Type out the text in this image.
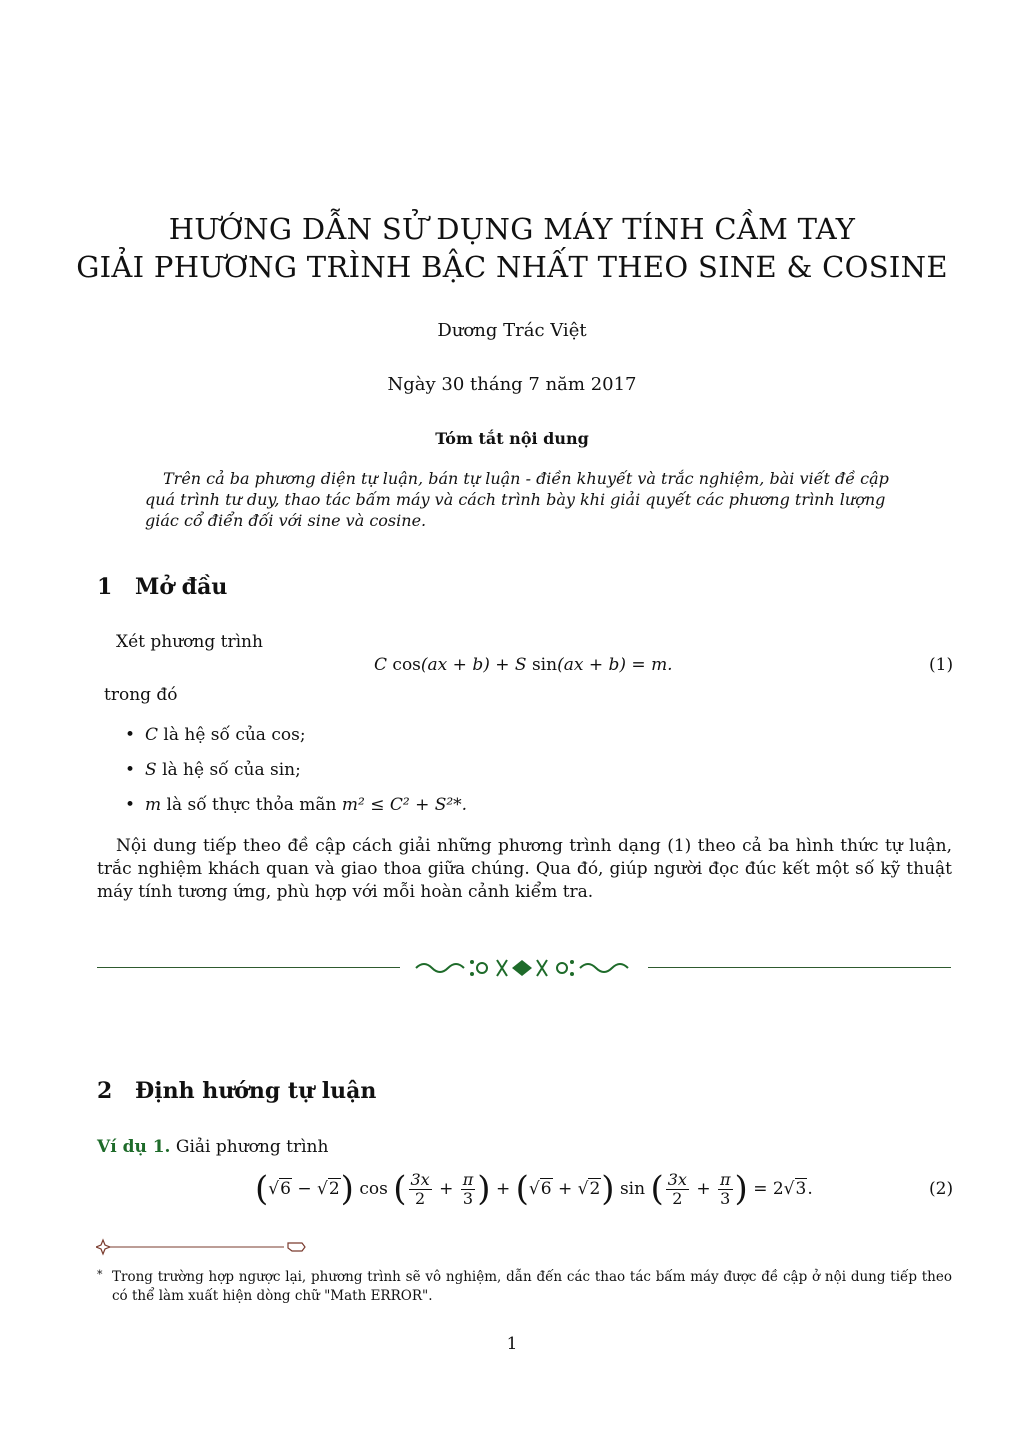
HƯỚNG DẪN SỬ DỤNG MÁY TÍNH CẦM TAY
GIẢI PHƯƠNG TRÌNH BẬC NHẤT THEO SINE & COSINE
Dương Trác Việt
Ngày 30 tháng 7 năm 2017
Tóm tắt nội dung
Trên cả ba phương diện tự luận, bán tự luận - điền khuyết và trắc nghiệm, bài viết đề cập quá trình tư duy, thao tác bấm máy và cách trình bày khi giải quyết các phương trình lượng giác cổ điển đối với sine và cosine.
1 Mở đầu
Xét phương trình
C cos(ax + b) + S sin(ax + b) = m.	(1)
trong đó
• C là hệ số của cos;
• S là hệ số của sin;
• m là số thực thỏa mãn m² ≤ C² + S²*.
Nội dung tiếp theo đề cập cách giải những phương trình dạng (1) theo cả ba hình thức tự luận, trắc nghiệm khách quan và giao thoa giữa chúng. Qua đó, giúp người đọc đúc kết một số kỹ thuật máy tính tương ứng, phù hợp với mỗi hoàn cảnh kiểm tra.
2 Định hướng tự luận
Ví dụ 1. Giải phương trình
( √6
−
√2 )
cos
( $\frac{3x}{2}$
+
$\frac{\pi}{3}$ )
+
( √6
+
√2 )
sin
( $\frac{3x}{2}$
+
$\frac{\pi}{3}$ )
= 2 √3 .	(2)
* Trong trường hợp ngược lại, phương trình sẽ vô nghiệm, dẫn đến các thao tác bấm máy được đề cập ở nội dung tiếp theo có thể làm xuất hiện dòng chữ "Math ERROR".
1
